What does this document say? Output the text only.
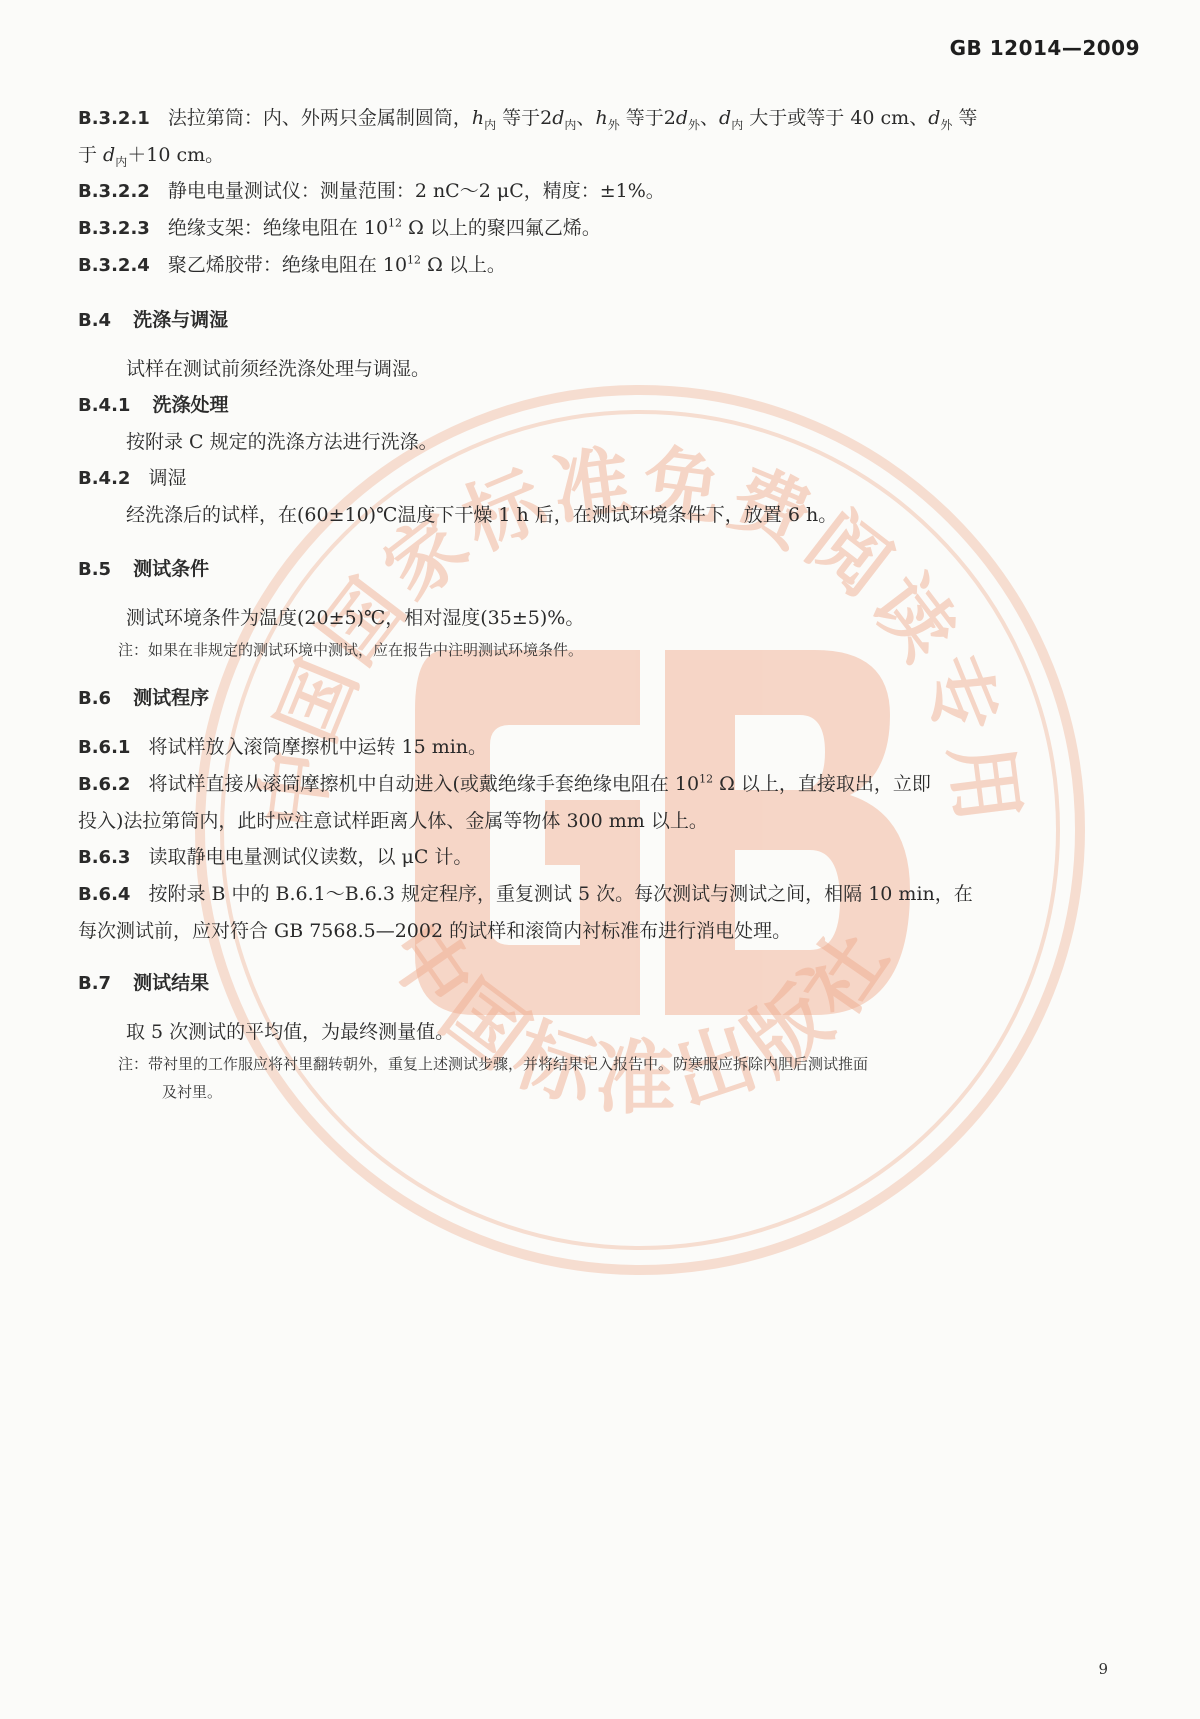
GB 12014—2009
中国国家标准免费阅读专用
中国标准出版社
B.3.2.1 法拉第筒：内、外两只金属制圆筒，$h_内$ 等于$2d_内$、$h_外$ 等于$2d_外$、$d_内$ 大于或等于 40 cm、$d_外$ 等
于 $d_内+10$ cm。
B.3.2.2 静电电量测试仪：测量范围：2 nC～2 μC，精度：±1%。
B.3.2.3 绝缘支架：绝缘电阻在 $10^{12}$ Ω 以上的聚四氟乙烯。
B.3.2.4 聚乙烯胶带：绝缘电阻在 $10^{12}$ Ω 以上。
B.4 洗涤与调湿
试样在测试前须经洗涤处理与调湿。
B.4.1 洗涤处理
按附录 C 规定的洗涤方法进行洗涤。
B.4.2 调湿
经洗涤后的试样，在(60±10)℃温度下干燥 1 h 后，在测试环境条件下，放置 6 h。
B.5 测试条件
测试环境条件为温度(20±5)℃，相对湿度(35±5)%。
注：如果在非规定的测试环境中测试，应在报告中注明测试环境条件。
B.6 测试程序
B.6.1 将试样放入滚筒摩擦机中运转 15 min。
B.6.2 将试样直接从滚筒摩擦机中自动进入(或戴绝缘手套绝缘电阻在 $10^{12}$ Ω 以上，直接取出，立即
投入)法拉第筒内，此时应注意试样距离人体、金属等物体 300 mm 以上。
B.6.3 读取静电电量测试仪读数，以 μC 计。
B.6.4 按附录 B 中的 B.6.1～B.6.3 规定程序，重复测试 5 次。每次测试与测试之间，相隔 10 min，在
每次测试前，应对符合 GB 7568.5—2002 的试样和滚筒内衬标准布进行消电处理。
B.7 测试结果
取 5 次测试的平均值，为最终测量值。
注：带衬里的工作服应将衬里翻转朝外，重复上述测试步骤，并将结果记入报告中。防寒服应拆除内胆后测试推面
及衬里。
9
